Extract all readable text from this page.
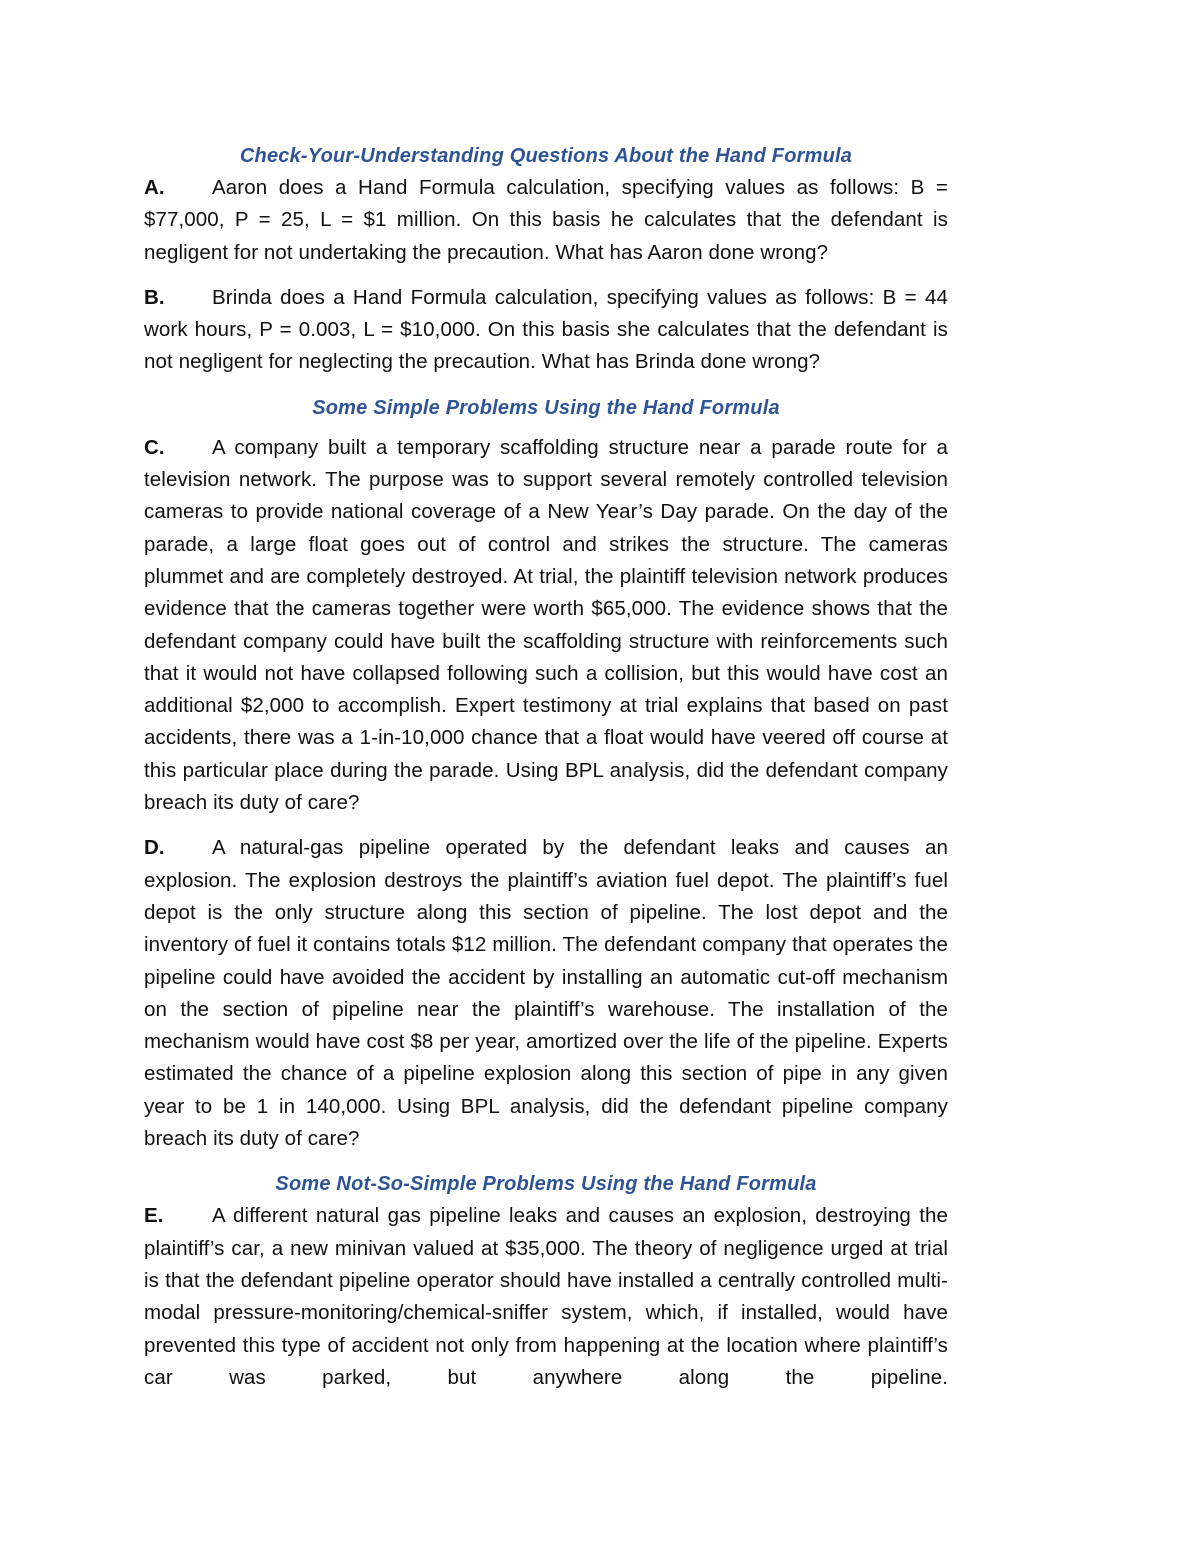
Check-Your-Understanding Questions About the Hand Formula

A. Aaron does a Hand Formula calculation, specifying values as follows: B = $77,000, P = 25, L = $1 million. On this basis he calculates that the defendant is negligent for not undertaking the precaution. What has Aaron done wrong?

B. Brinda does a Hand Formula calculation, specifying values as follows: B = 44 work hours, P = 0.003, L = $10,000. On this basis she calculates that the defendant is not negligent for neglecting the precaution. What has Brinda done wrong?

Some Simple Problems Using the Hand Formula

C. A company built a temporary scaffolding structure near a parade route for a television network. The purpose was to support several remotely controlled television cameras to provide national coverage of a New Year’s Day parade. On the day of the parade, a large float goes out of control and strikes the structure. The cameras plummet and are completely destroyed. At trial, the plaintiff television network produces evidence that the cameras together were worth $65,000. The evidence shows that the defendant company could have built the scaffolding structure with reinforcements such that it would not have collapsed following such a collision, but this would have cost an additional $2,000 to accomplish. Expert testimony at trial explains that based on past accidents, there was a 1-in-10,000 chance that a float would have veered off course at this particular place during the parade. Using BPL analysis, did the defendant company breach its duty of care?

D. A natural-gas pipeline operated by the defendant leaks and causes an explosion. The explosion destroys the plaintiff’s aviation fuel depot. The plaintiff’s fuel depot is the only structure along this section of pipeline. The lost depot and the inventory of fuel it contains totals $12 million. The defendant company that operates the pipeline could have avoided the accident by installing an automatic cut-off mechanism on the section of pipeline near the plaintiff’s warehouse. The installation of the mechanism would have cost $8 per year, amortized over the life of the pipeline. Experts estimated the chance of a pipeline explosion along this section of pipe in any given year to be 1 in 140,000. Using BPL analysis, did the defendant pipeline company breach its duty of care?

Some Not-So-Simple Problems Using the Hand Formula

E. A different natural gas pipeline leaks and causes an explosion, destroying the plaintiff’s car, a new minivan valued at $35,000. The theory of negligence urged at trial is that the defendant pipeline operator should have installed a centrally controlled multi-modal pressure-monitoring/chemical-sniffer system, which, if installed, would have prevented this type of accident not only from happening at the location where plaintiff’s car was parked, but anywhere along the pipeline.
